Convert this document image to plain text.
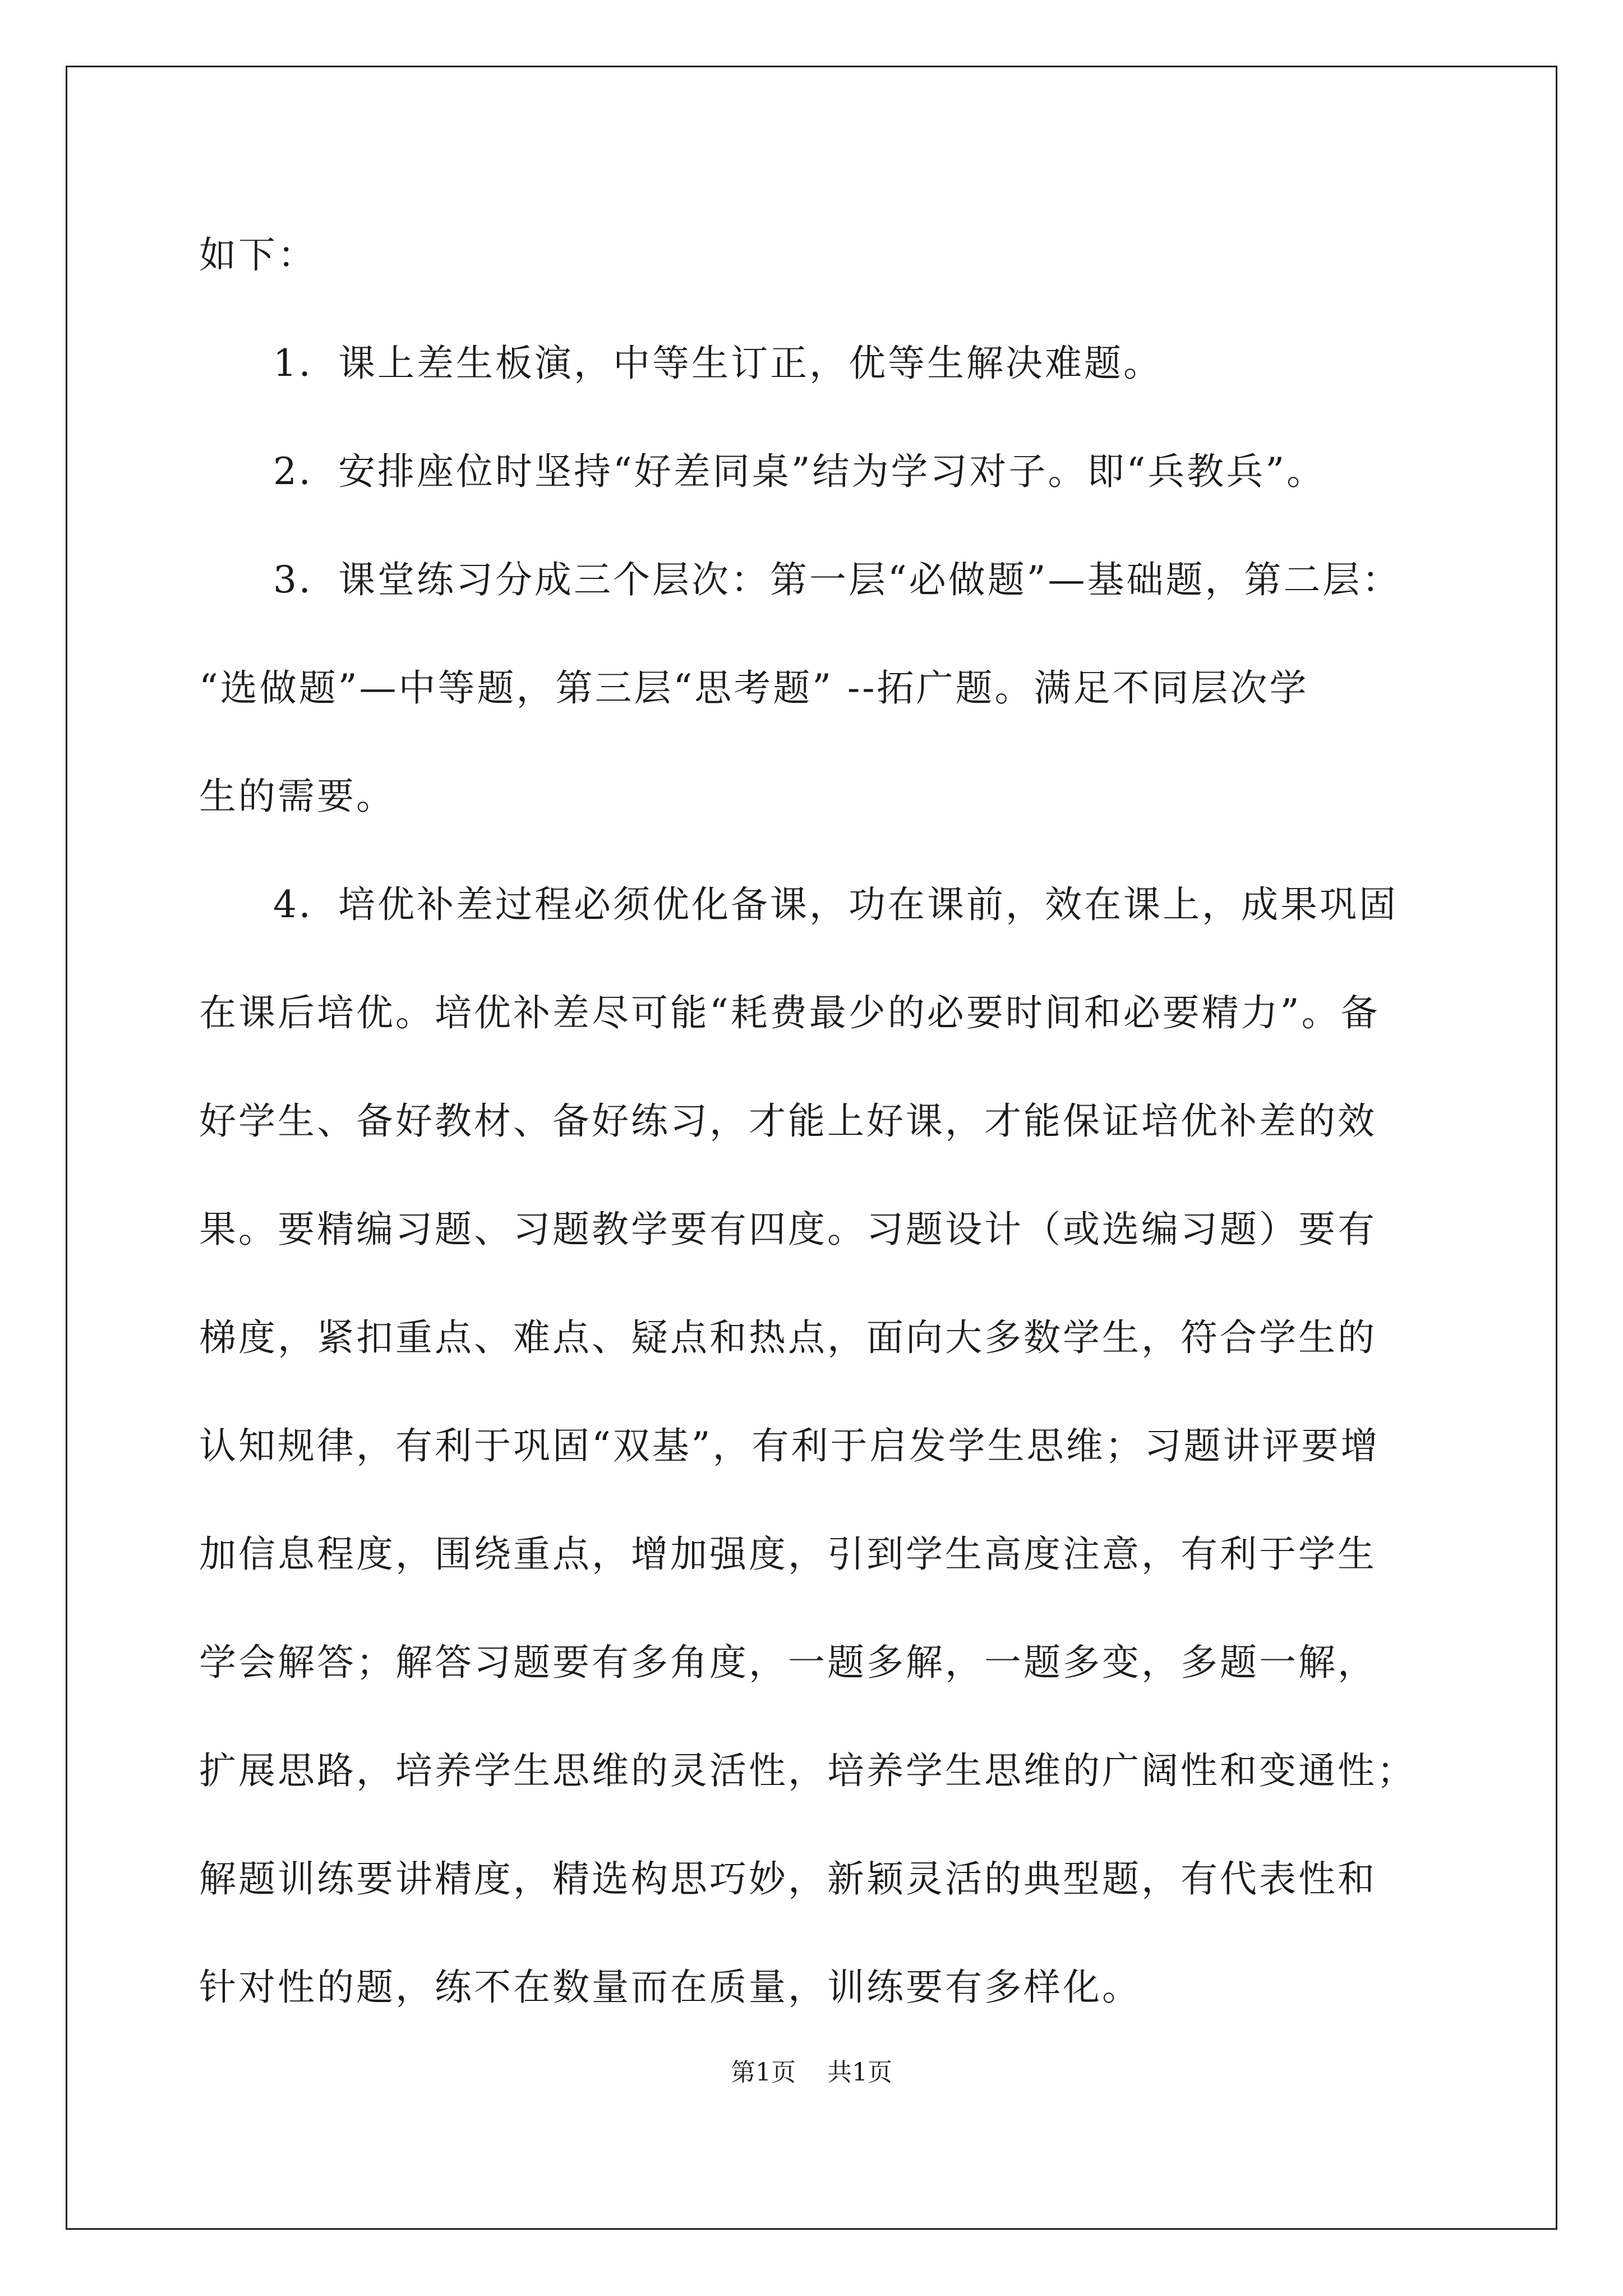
如下：
1．课上差生板演，中等生订正，优等生解决难题。
2．安排座位时坚持“好差同桌”结为学习对子。即“兵教兵”。
3．课堂练习分成三个层次：第一层“必做题”—基础题，第二层：
“选做题”—中等题，第三层“思考题” --拓广题。满足不同层次学
生的需要。
4．培优补差过程必须优化备课，功在课前，效在课上，成果巩固
在课后培优。培优补差尽可能“耗费最少的必要时间和必要精力”。备
好学生、备好教材、备好练习，才能上好课，才能保证培优补差的效
果。要精编习题、习题教学要有四度。习题设计（或选编习题）要有
梯度，紧扣重点、难点、疑点和热点，面向大多数学生，符合学生的
认知规律，有利于巩固“双基”，有利于启发学生思维；习题讲评要增
加信息程度，围绕重点，增加强度，引到学生高度注意，有利于学生
学会解答；解答习题要有多角度，一题多解，一题多变，多题一解，
扩展思路，培养学生思维的灵活性，培养学生思维的广阔性和变通性；
解题训练要讲精度，精选构思巧妙，新颖灵活的典型题，有代表性和
针对性的题，练不在数量而在质量，训练要有多样化。
第1页 共1页
